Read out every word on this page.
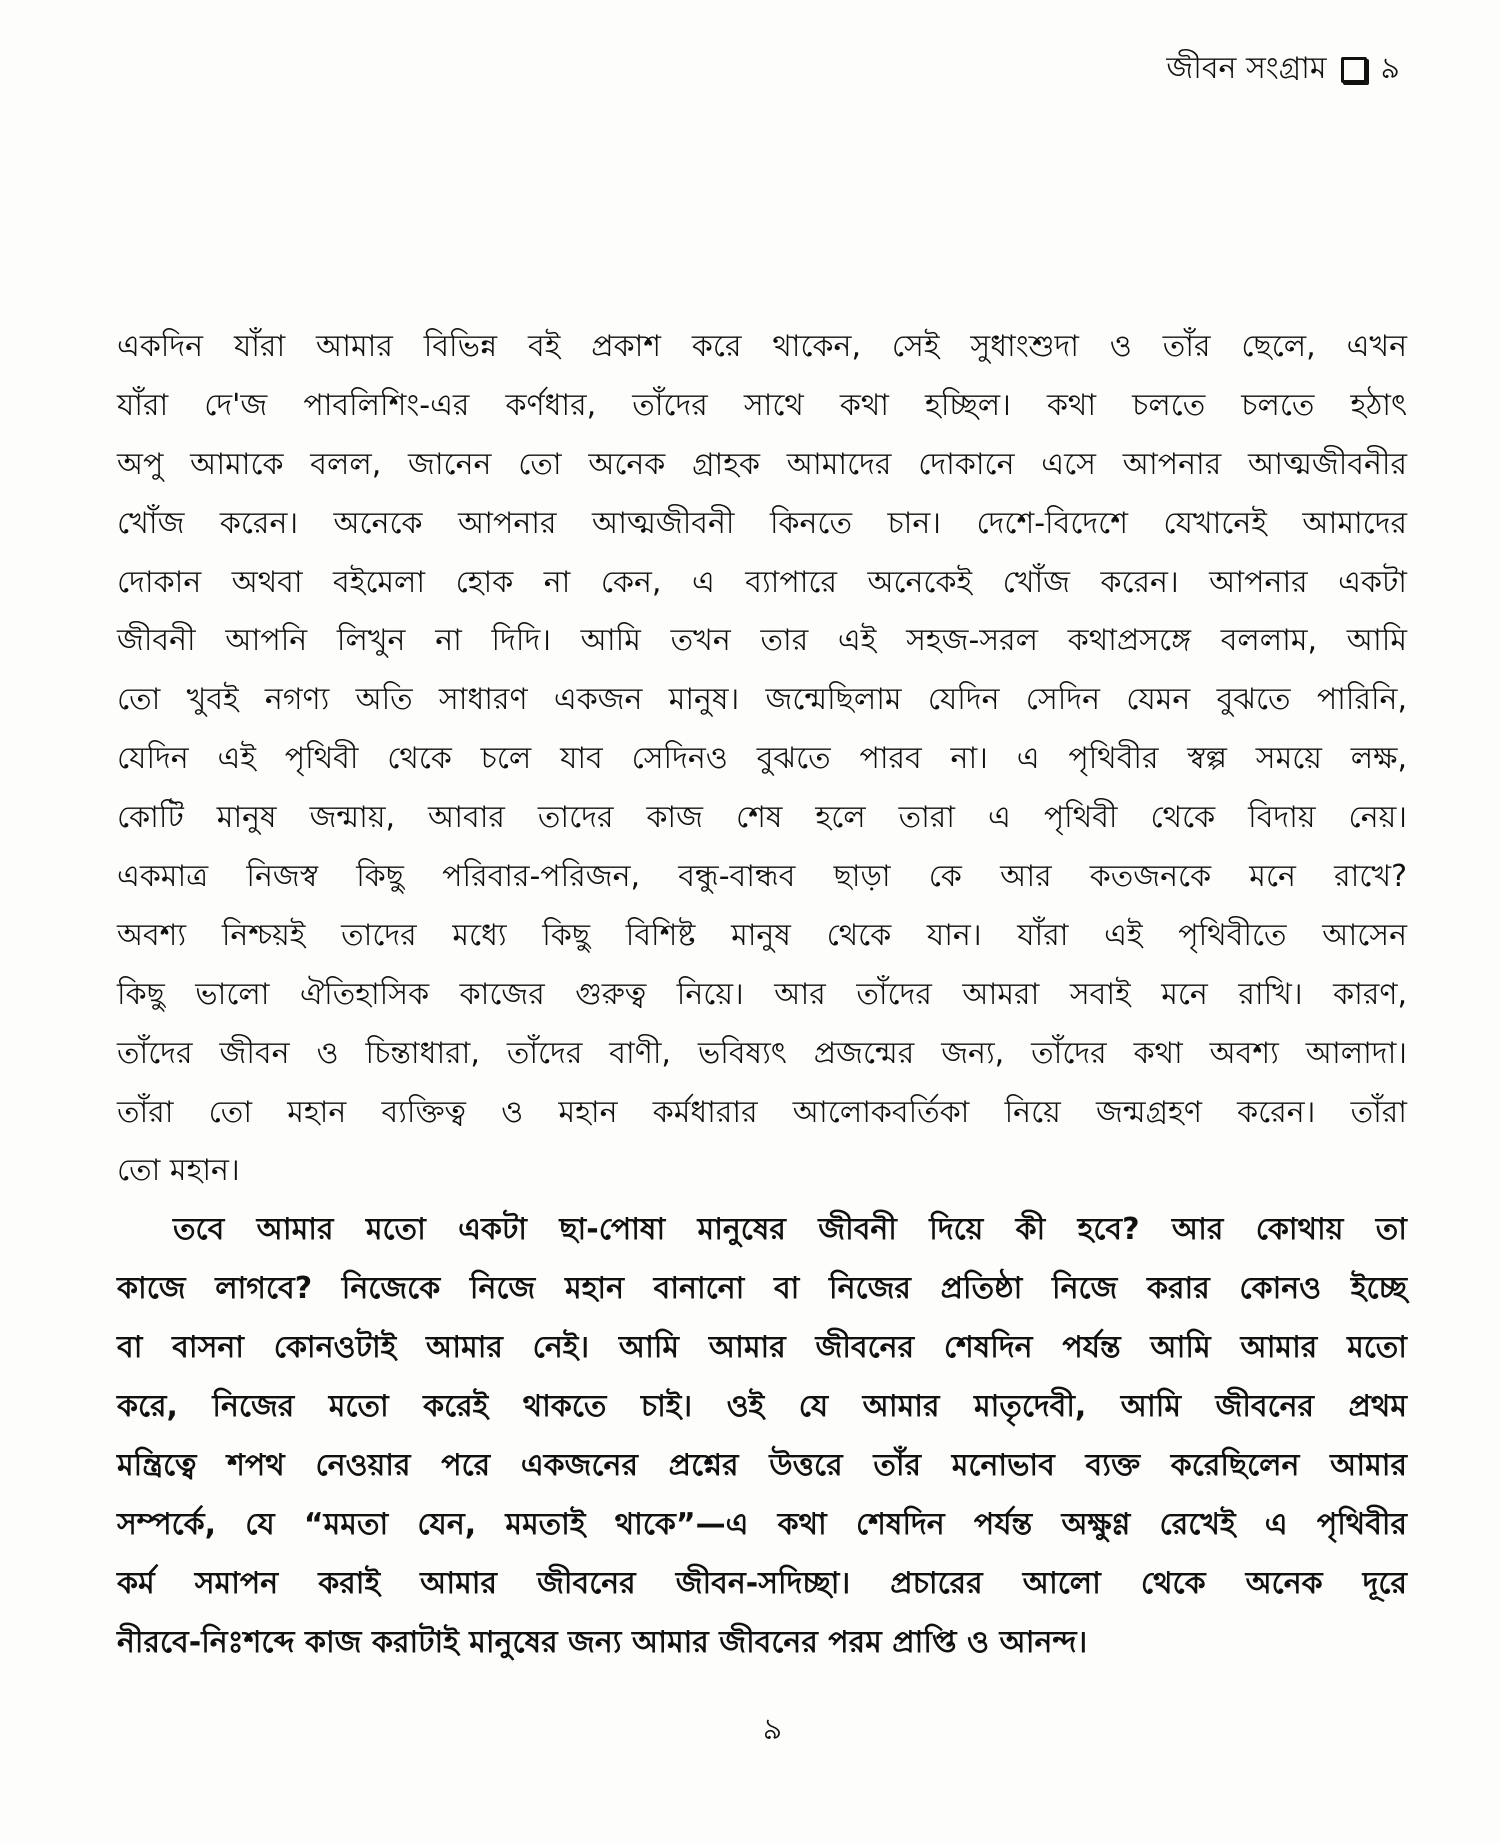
জীবন সংগ্রাম ৯
একদিন যাঁরা আমার বিভিন্ন বই প্রকাশ করে থাকেন, সেই সুধাংশুদা ও তাঁর ছেলে, এখন
যাঁরা দে'জ পাবলিশিং-এর কর্ণধার, তাঁদের সাথে কথা হচ্ছিল। কথা চলতে চলতে হঠাৎ
অপু আমাকে বলল, জানেন তো অনেক গ্রাহক আমাদের দোকানে এসে আপনার আত্মজীবনীর
খোঁজ করেন। অনেকে আপনার আত্মজীবনী কিনতে চান। দেশে-বিদেশে যেখানেই আমাদের
দোকান অথবা বইমেলা হোক না কেন, এ ব্যাপারে অনেকেই খোঁজ করেন। আপনার একটা
জীবনী আপনি লিখুন না দিদি। আমি তখন তার এই সহজ-সরল কথাপ্রসঙ্গে বললাম, আমি
তো খুবই নগণ্য অতি সাধারণ একজন মানুষ। জন্মেছিলাম যেদিন সেদিন যেমন বুঝতে পারিনি,
যেদিন এই পৃথিবী থেকে চলে যাব সেদিনও বুঝতে পারব না। এ পৃথিবীর স্বল্প সময়ে লক্ষ,
কোটি মানুষ জন্মায়, আবার তাদের কাজ শেষ হলে তারা এ পৃথিবী থেকে বিদায় নেয়।
একমাত্র নিজস্ব কিছু পরিবার-পরিজন, বন্ধু-বান্ধব ছাড়া কে আর কতজনকে মনে রাখে?
অবশ্য নিশ্চয়ই তাদের মধ্যে কিছু বিশিষ্ট মানুষ থেকে যান। যাঁরা এই পৃথিবীতে আসেন
কিছু ভালো ঐতিহাসিক কাজের গুরুত্ব নিয়ে। আর তাঁদের আমরা সবাই মনে রাখি। কারণ,
তাঁদের জীবন ও চিন্তাধারা, তাঁদের বাণী, ভবিষ্যৎ প্রজন্মের জন্য, তাঁদের কথা অবশ্য আলাদা।
তাঁরা তো মহান ব্যক্তিত্ব ও মহান কর্মধারার আলোকবর্তিকা নিয়ে জন্মগ্রহণ করেন। তাঁরা
তো মহান।
তবে আমার মতো একটা ছা-পোষা মানুষের জীবনী দিয়ে কী হবে? আর কোথায় তা
কাজে লাগবে? নিজেকে নিজে মহান বানানো বা নিজের প্রতিষ্ঠা নিজে করার কোনও ইচ্ছে
বা বাসনা কোনওটাই আমার নেই। আমি আমার জীবনের শেষদিন পর্যন্ত আমি আমার মতো
করে, নিজের মতো করেই থাকতে চাই। ওই যে আমার মাতৃদেবী, আমি জীবনের প্রথম
মন্ত্রিত্বে শপথ নেওয়ার পরে একজনের প্রশ্নের উত্তরে তাঁর মনোভাব ব্যক্ত করেছিলেন আমার
সম্পর্কে, যে “মমতা যেন, মমতাই থাকে”—এ কথা শেষদিন পর্যন্ত অক্ষুণ্ণ রেখেই এ পৃথিবীর
কর্ম সমাপন করাই আমার জীবনের জীবন-সদিচ্ছা। প্রচারের আলো থেকে অনেক দূরে
নীরবে-নিঃশব্দে কাজ করাটাই মানুষের জন্য আমার জীবনের পরম প্রাপ্তি ও আনন্দ।
৯
